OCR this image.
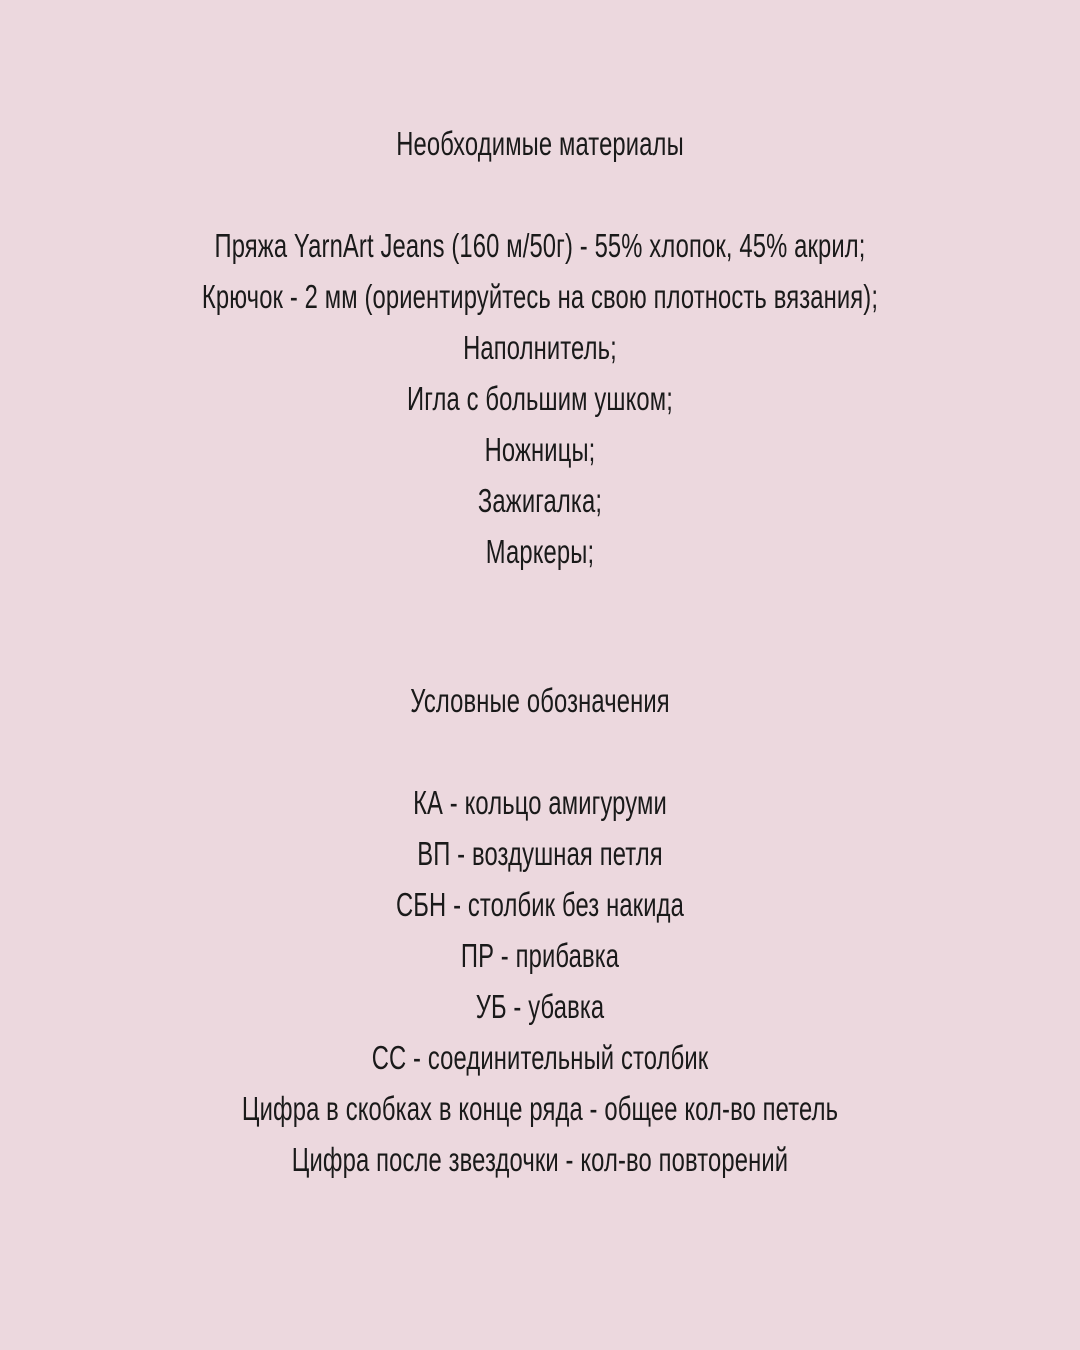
Необходимые материалы
Пряжа YarnArt Jeans (160 м/50г) - 55% хлопок, 45% акрил;
Крючок - 2 мм (ориентируйтесь на свою плотность вязания);
Наполнитель;
Игла с большим ушком;
Ножницы;
Зажигалка;
Маркеры;
Условные обозначения
КА - кольцо амигуруми
ВП - воздушная петля
СБН - столбик без накида
ПР - прибавка
УБ - убавка
СС - соединительный столбик
Цифра в скобках в конце ряда - общее кол-во петель
Цифра после звездочки - кол-во повторений
